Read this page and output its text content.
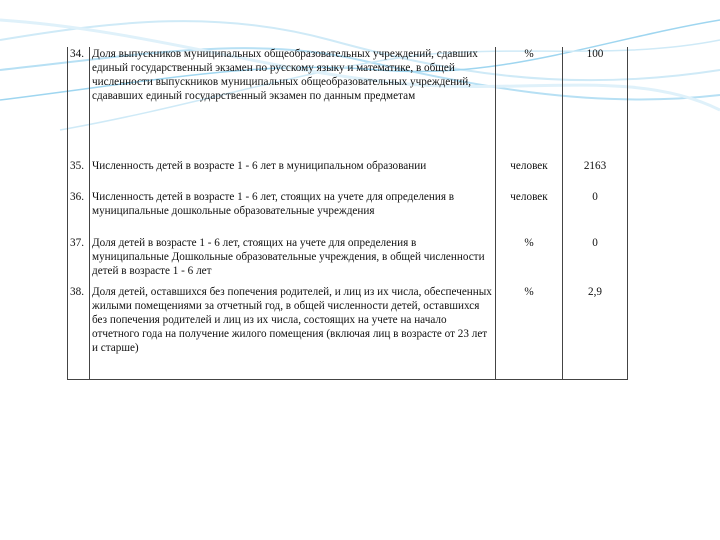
34.	Доля выпускников муниципальных общеобразовательных учреждений, сдавших единый государственный экзамен по русскому языку и математике, в общей численности выпускников муниципальных общеобразовательных учреждений, сдававших единый государственный экзамен по данным предметам	%	100
35.	Численность детей в возрасте 1 - 6 лет в муниципальном образовании	человек	2163
36.	Численность детей в возрасте 1 - 6 лет, стоящих на учете для определения в муниципальные дошкольные образовательные учреждения	человек	0
37.	Доля детей в возрасте 1 - 6 лет, стоящих на учете для определения в муниципальные Дошкольные образовательные учреждения, в общей численности детей в возрасте 1 - 6 лет	%	0
38.	Доля детей, оставшихся без попечения родителей, и лиц из их числа, обеспеченных жилыми помещениями за отчетный год, в общей численности детей, оставшихся без попечения родителей и лиц из их числа, состоящих на учете на начало отчетного года на получение жилого помещения (включая лиц в возрасте от 23 лет и старше)	%	2,9
